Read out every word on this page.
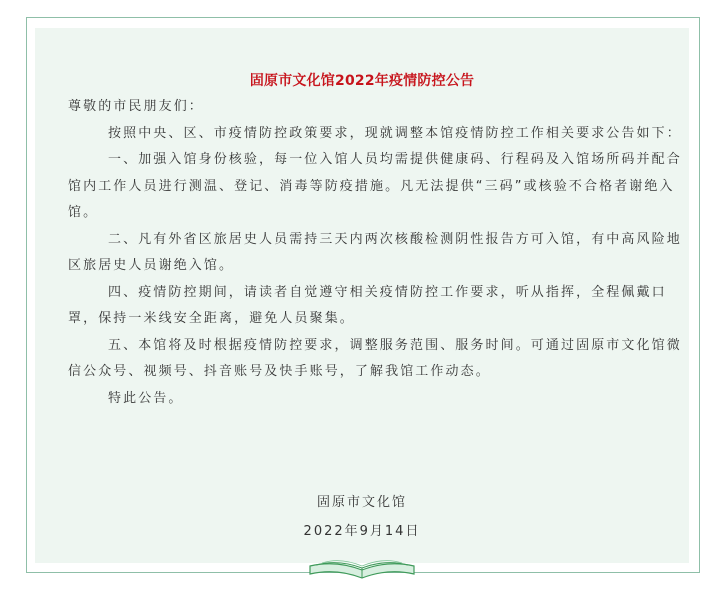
固原市文化馆2022年疫情防控公告

尊敬的市民朋友们：

按照中央、区、市疫情防控政策要求，现就调整本馆疫情防控工作相关要求公告如下：

一、加强入馆身份核验，每一位入馆人员均需提供健康码、行程码及入馆场所码并配合馆内工作人员进行测温、登记、消毒等防疫措施。凡无法提供“三码”或核验不合格者谢绝入馆。

二、凡有外省区旅居史人员需持三天内两次核酸检测阴性报告方可入馆，有中高风险地区旅居史人员谢绝入馆。

四、疫情防控期间，请读者自觉遵守相关疫情防控工作要求，听从指挥，全程佩戴口罩，保持一米线安全距离，避免人员聚集。

五、本馆将及时根据疫情防控要求，调整服务范围、服务时间。可通过固原市文化馆微信公众号、视频号、抖音账号及快手账号，了解我馆工作动态。

特此公告。

固原市文化馆
2022年9月14日
